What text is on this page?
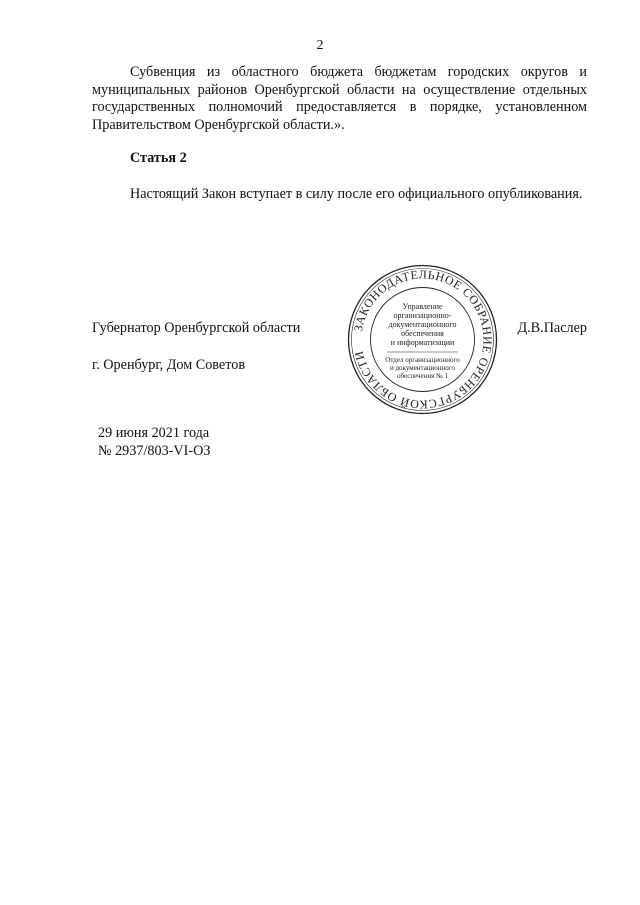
2
Субвенция из областного бюджета бюджетам городских округов и муниципальных районов Оренбургской области на осуществление отдельных государственных полномочий предоставляется в порядке, установленном Правительством Оренбургской области.».
Статья 2
Настоящий Закон вступает в силу после его официального опубликования.
Губернатор Оренбургской области	Д.В.Паслер
г. Оренбург, Дом Советов
29 июня 2021 года
№ 2937/803-VI-ОЗ
ЗАКОНОДАТЕЛЬНОЕ СОБРАНИЕ ОРЕНБУРГСКОЙ ОБЛАСТИ
Управление
организационно-
документационного
обеспечения
и информатизации
Отдел организационного
и документационного
обеспечения № 1
